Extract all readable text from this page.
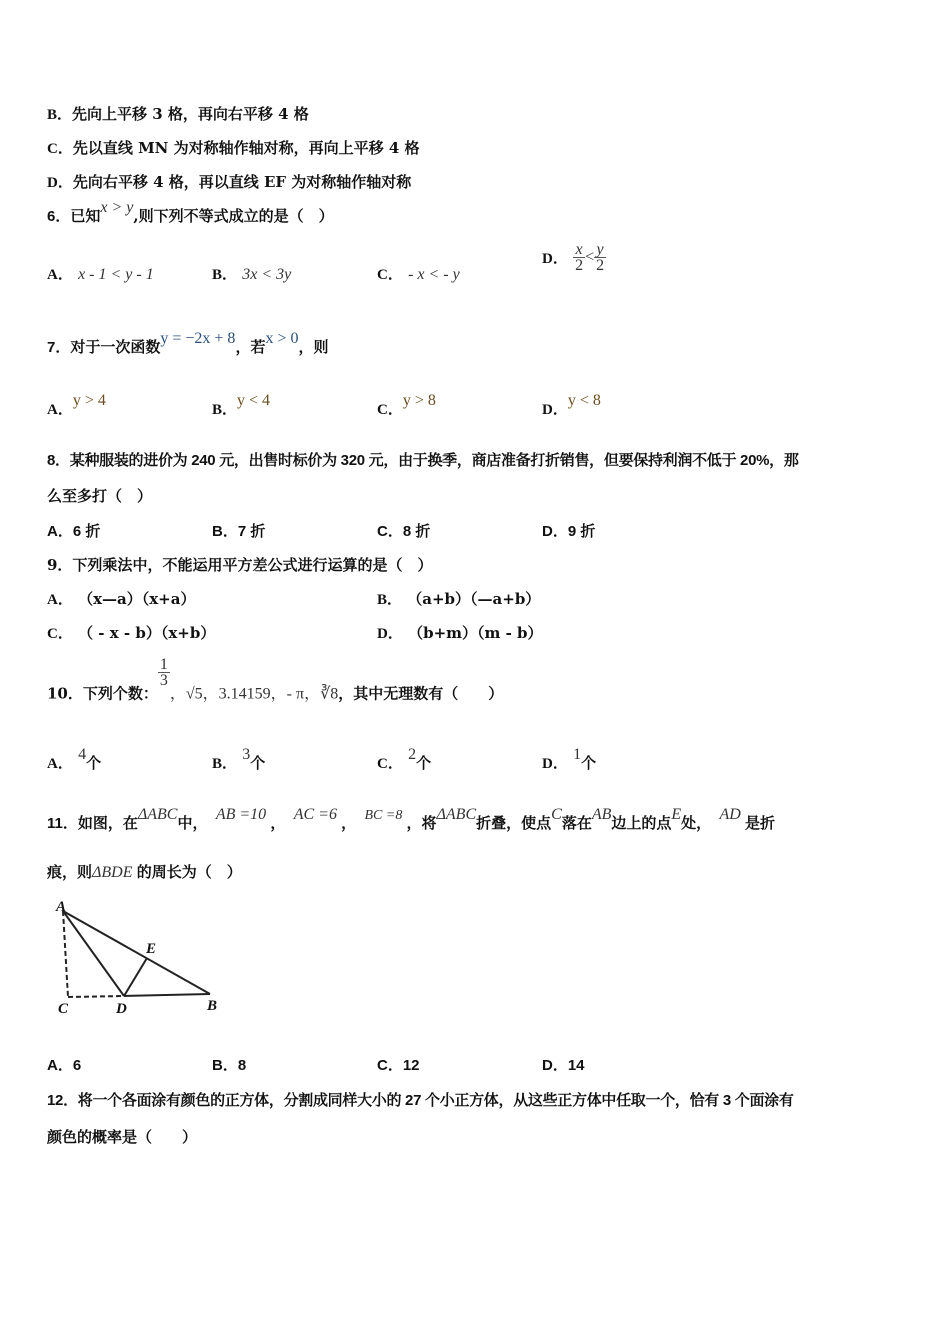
B．先向上平移 3 格，再向右平移 4 格
C．先以直线 MN 为对称轴作轴对称，再向上平移 4 格
D．先向右平移 4 格，再以直线 EF 为对称轴作轴对称
6．已知x > y,则下列不等式成立的是（　）
A． x - 1 < y - 1	B． 3x < 3y	C． - x < - y
D． $\frac{x}{2} < \frac{y}{2}$
7．对于一次函数y = −2x + 8，若x > 0，则
A．y > 4
B．y < 4
C．y > 8
D．y < 8
8．某种服装的进价为 240 元，出售时标价为 320 元，由于换季，商店准备打折销售，但要保持利润不低于 20%，那
么至多打（　）
A．6 折	B．7 折	C．8 折	D．9 折
9．下列乘法中，不能运用平方差公式进行运算的是（　）
A． （x—a）（x+a）	B． （a+b）（—a+b）
C． （ - x - b）（x+b）	D． （b+m）（m - b）
10．下列个数：
$\frac{1}{3}$
，√5，3.14159，- π，∛8，其中无理数有（　　）
A． 4个	B． 3个	C． 2个	D． 1个
11．如图，在ΔABC中，  AB =10 ，  AC =6 ， BC =8 ，将ΔABC折叠，使点C落在AB边上的点E处，  AD 是折
痕，则ΔBDE 的周长为（　）
A
E
C	D	B
A．6	B．8	C．12	D．14
12．将一个各面涂有颜色的正方体，分割成同样大小的 27 个小正方体，从这些正方体中任取一个，恰有 3 个面涂有
颜色的概率是（　　）
